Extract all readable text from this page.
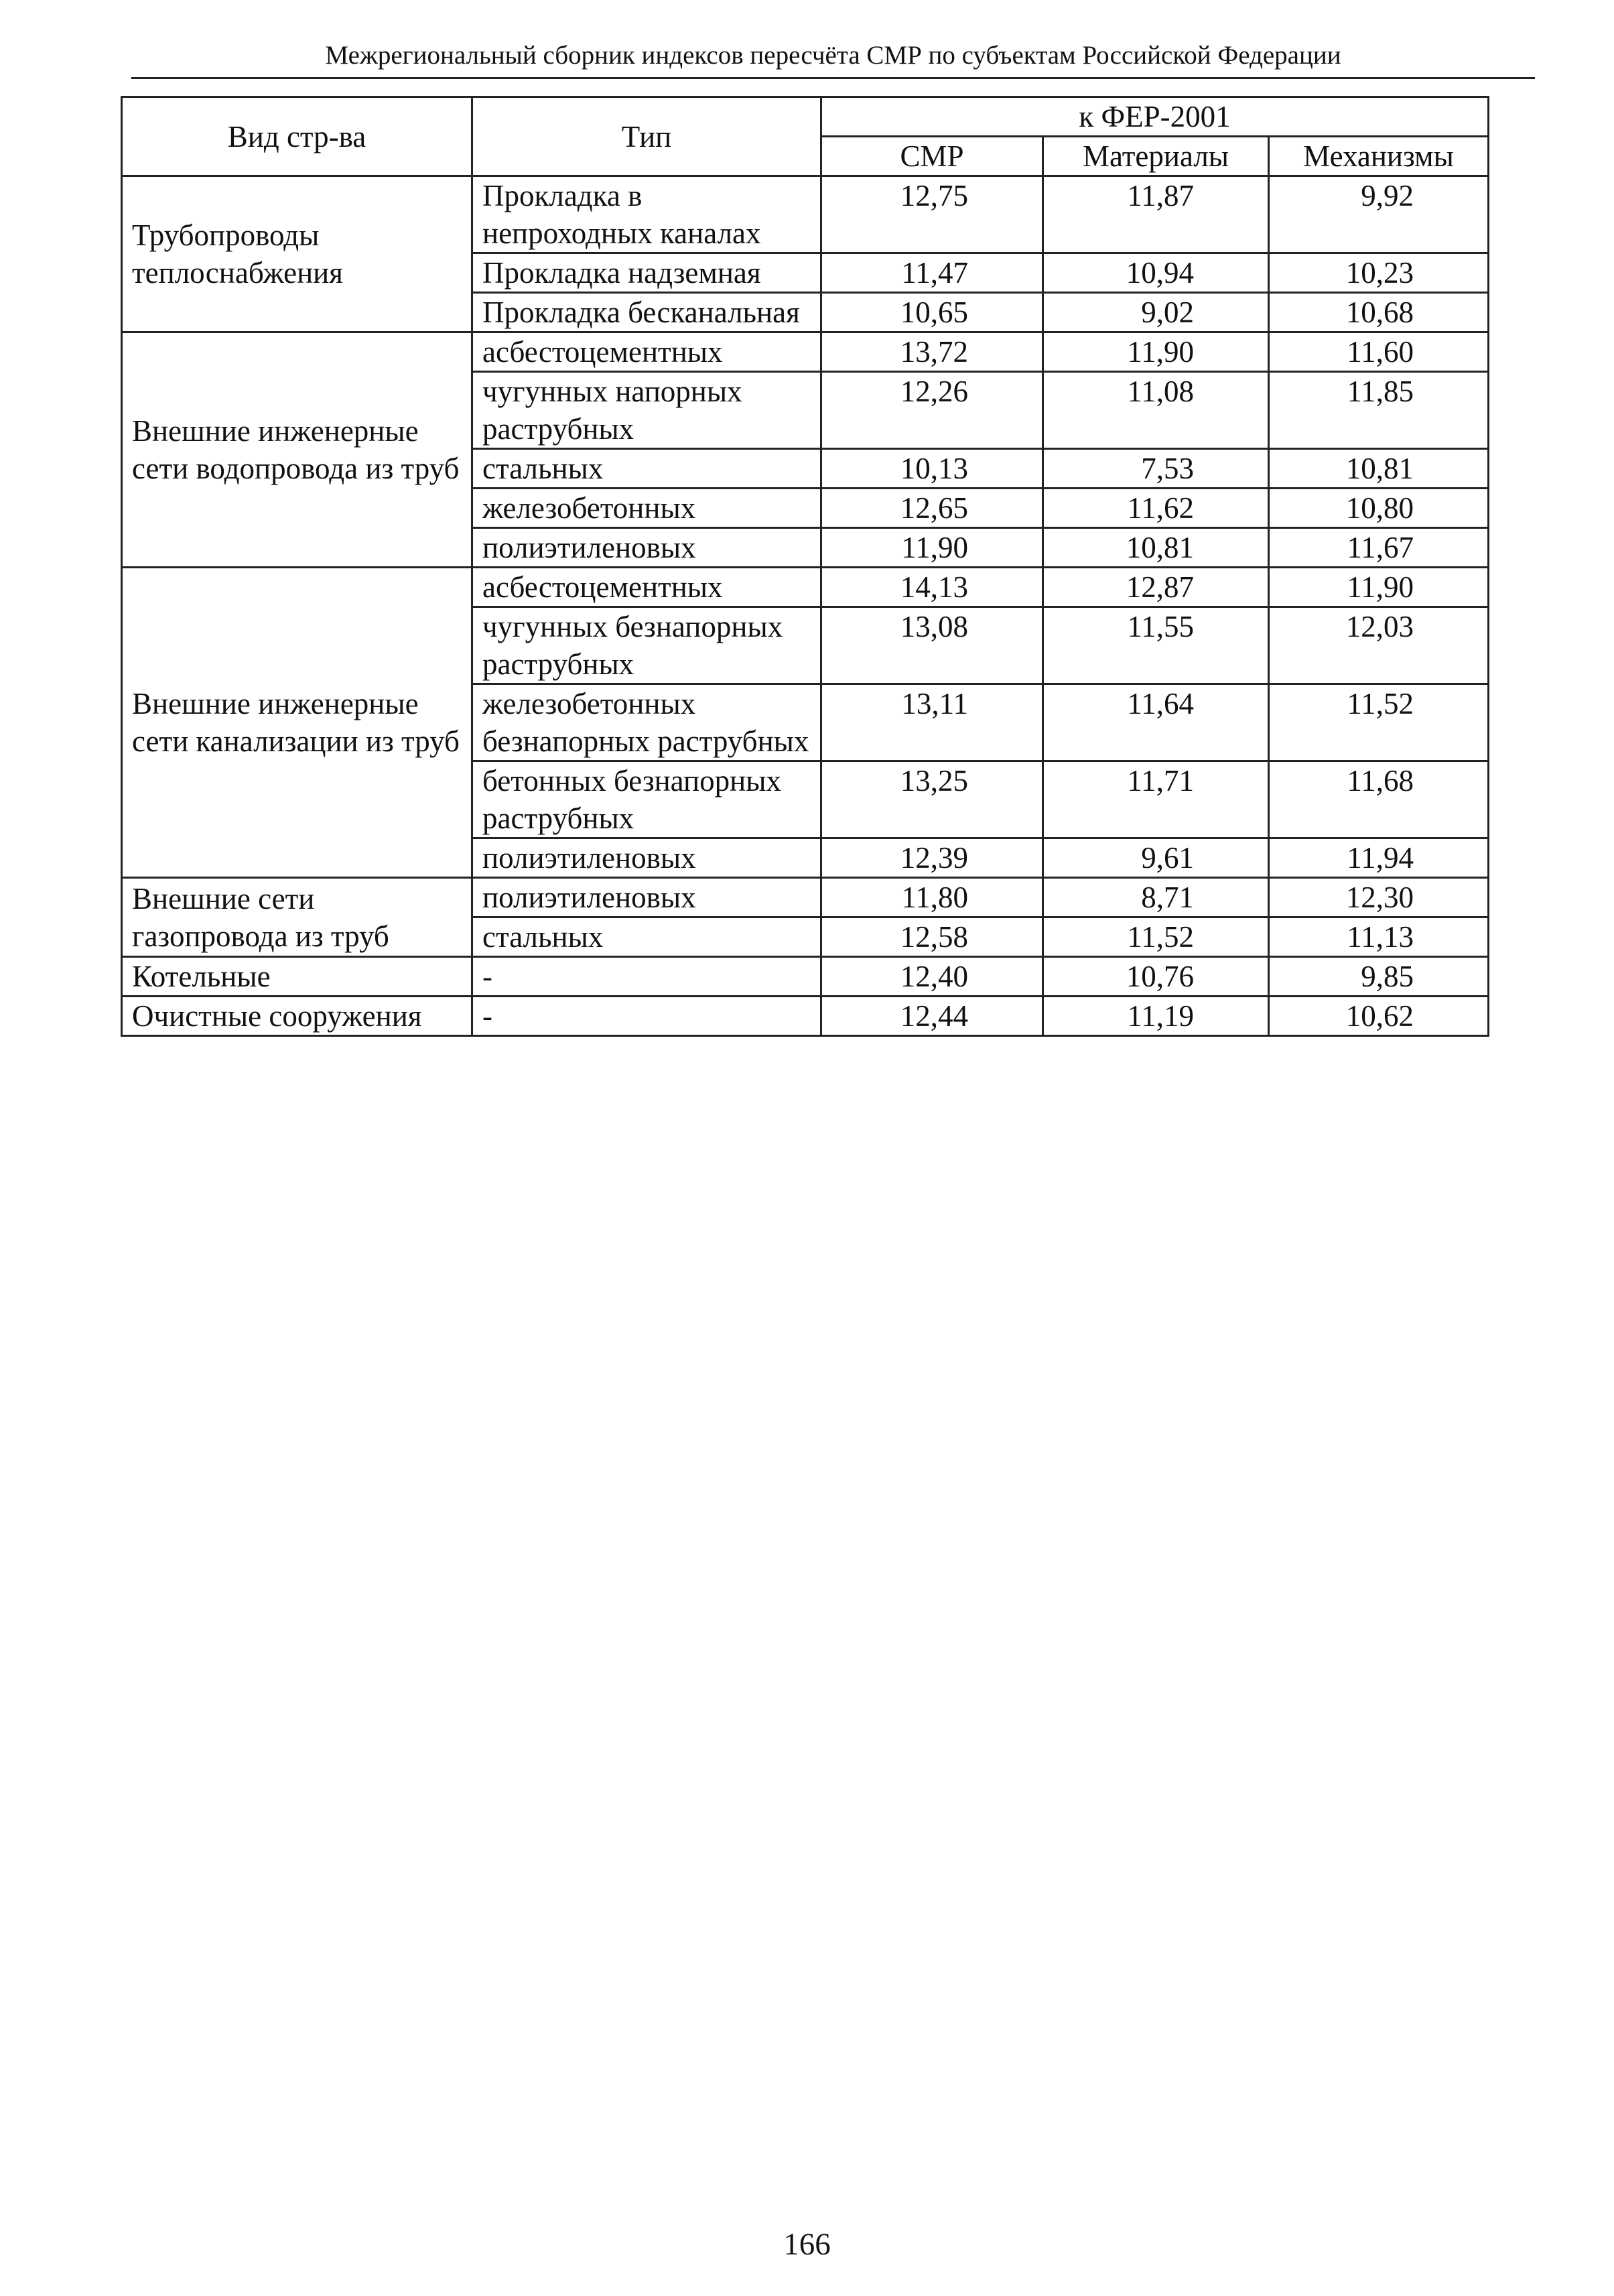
Межрегиональный сборник индексов пересчёта СМР по субъектам Российской Федерации
Вид стр-ва	Тип	к ФЕР-2001		
		СМР	Материалы	Механизмы
Трубопроводы теплоснабжения	Прокладка в непроходных каналах	12,75	11,87	9,92
	Прокладка надземная	11,47	10,94	10,23
	Прокладка бесканальная	10,65	9,02	10,68
Внешние инженерные сети водопровода из труб	асбестоцементных	13,72	11,90	11,60
	чугунных напорных раструбных	12,26	11,08	11,85
	стальных	10,13	7,53	10,81
	железобетонных	12,65	11,62	10,80
	полиэтиленовых	11,90	10,81	11,67
Внешние инженерные сети канализации из труб	асбестоцементных	14,13	12,87	11,90
	чугунных безнапорных раструбных	13,08	11,55	12,03
	железобетонных безнапорных раструбных	13,11	11,64	11,52
	бетонных безнапорных раструбных	13,25	11,71	11,68
	полиэтиленовых	12,39	9,61	11,94
Внешние сети газопровода из труб	полиэтиленовых	11,80	8,71	12,30
	стальных	12,58	11,52	11,13
Котельные	-	12,40	10,76	9,85
Очистные сооружения	-	12,44	11,19	10,62
166
